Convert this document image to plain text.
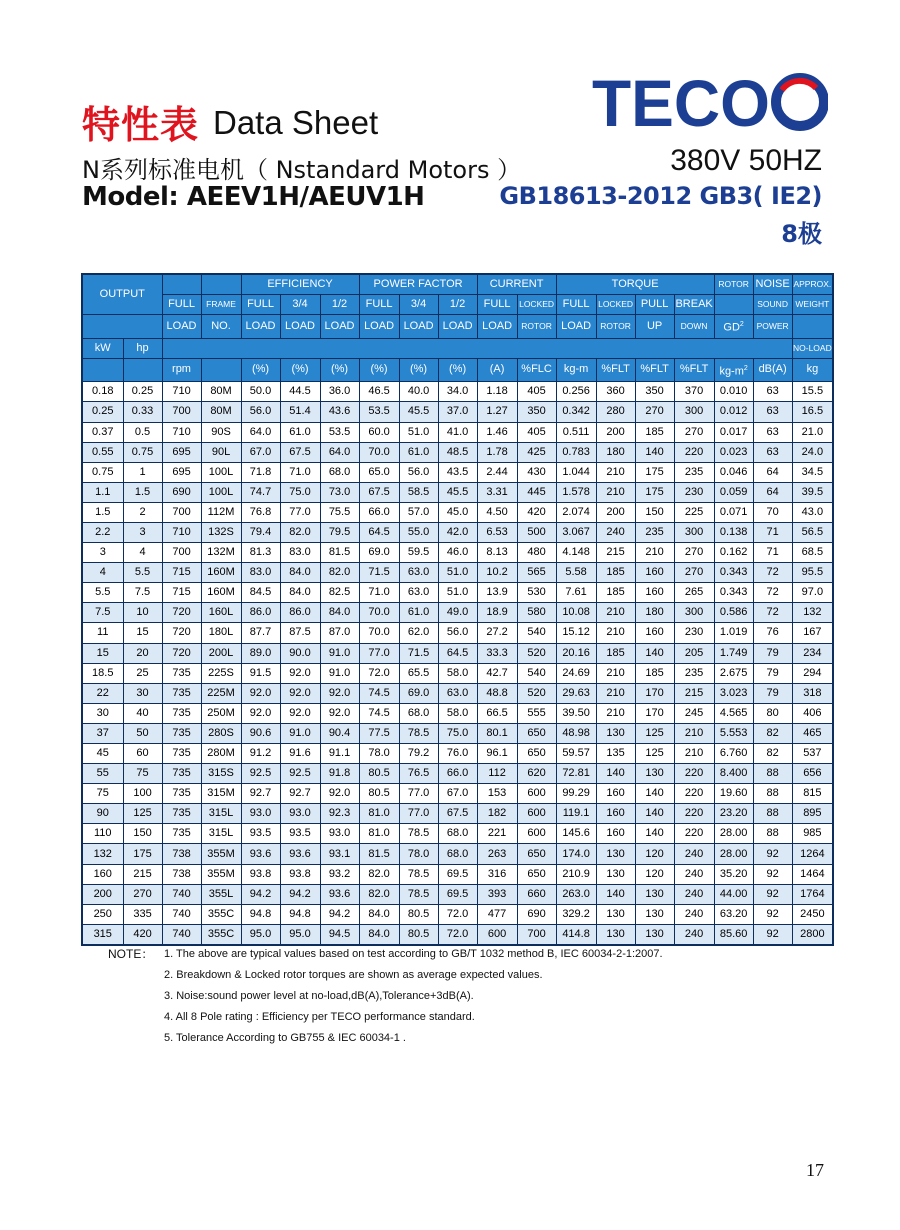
特性表 Data Sheet
N系列标准电机（ Nstandard Motors ）
Model: AEEV1H/AEUV1H
TECO
380V 50HZ
GB18613-2012 GB3( IE2)
8极
OUTPUT				EFFICIENCY			POWER FACTOR			CURRENT		TORQUE				ROTOR	NOISE	APPROX.
		FULL	FRAME	FULL	3/4	1/2	FULL	3/4	1/2	FULL	LOCKED	FULL	LOCKED	PULL	BREAK		SOUND	WEIGHT
		LOAD	NO.	LOAD	LOAD	LOAD	LOAD	LOAD	LOAD	LOAD	ROTOR	LOAD	ROTOR	UP	DOWN	$GD^2$	POWER	
kW	hp																	NO-LOAD
		rpm		(%)	(%)	(%)	(%)	(%)	(%)	(A)	%FLC	kg-m	%FLT	%FLT	%FLT	$kg-m^2$	dB(A)	kg
0.18	0.25	710	80M	50.0	44.5	36.0	46.5	40.0	34.0	1.18	405	0.256	360	350	370	0.010	63	15.5
0.25	0.33	700	80M	56.0	51.4	43.6	53.5	45.5	37.0	1.27	350	0.342	280	270	300	0.012	63	16.5
0.37	0.5	710	90S	64.0	61.0	53.5	60.0	51.0	41.0	1.46	405	0.511	200	185	270	0.017	63	21.0
0.55	0.75	695	90L	67.0	67.5	64.0	70.0	61.0	48.5	1.78	425	0.783	180	140	220	0.023	63	24.0
0.75	1	695	100L	71.8	71.0	68.0	65.0	56.0	43.5	2.44	430	1.044	210	175	235	0.046	64	34.5
1.1	1.5	690	100L	74.7	75.0	73.0	67.5	58.5	45.5	3.31	445	1.578	210	175	230	0.059	64	39.5
1.5	2	700	112M	76.8	77.0	75.5	66.0	57.0	45.0	4.50	420	2.074	200	150	225	0.071	70	43.0
2.2	3	710	132S	79.4	82.0	79.5	64.5	55.0	42.0	6.53	500	3.067	240	235	300	0.138	71	56.5
3	4	700	132M	81.3	83.0	81.5	69.0	59.5	46.0	8.13	480	4.148	215	210	270	0.162	71	68.5
4	5.5	715	160M	83.0	84.0	82.0	71.5	63.0	51.0	10.2	565	5.58	185	160	270	0.343	72	95.5
5.5	7.5	715	160M	84.5	84.0	82.5	71.0	63.0	51.0	13.9	530	7.61	185	160	265	0.343	72	97.0
7.5	10	720	160L	86.0	86.0	84.0	70.0	61.0	49.0	18.9	580	10.08	210	180	300	0.586	72	132
11	15	720	180L	87.7	87.5	87.0	70.0	62.0	56.0	27.2	540	15.12	210	160	230	1.019	76	167
15	20	720	200L	89.0	90.0	91.0	77.0	71.5	64.5	33.3	520	20.16	185	140	205	1.749	79	234
18.5	25	735	225S	91.5	92.0	91.0	72.0	65.5	58.0	42.7	540	24.69	210	185	235	2.675	79	294
22	30	735	225M	92.0	92.0	92.0	74.5	69.0	63.0	48.8	520	29.63	210	170	215	3.023	79	318
30	40	735	250M	92.0	92.0	92.0	74.5	68.0	58.0	66.5	555	39.50	210	170	245	4.565	80	406
37	50	735	280S	90.6	91.0	90.4	77.5	78.5	75.0	80.1	650	48.98	130	125	210	5.553	82	465
45	60	735	280M	91.2	91.6	91.1	78.0	79.2	76.0	96.1	650	59.57	135	125	210	6.760	82	537
55	75	735	315S	92.5	92.5	91.8	80.5	76.5	66.0	112	620	72.81	140	130	220	8.400	88	656
75	100	735	315M	92.7	92.7	92.0	80.5	77.0	67.0	153	600	99.29	160	140	220	19.60	88	815
90	125	735	315L	93.0	93.0	92.3	81.0	77.0	67.5	182	600	119.1	160	140	220	23.20	88	895
110	150	735	315L	93.5	93.5	93.0	81.0	78.5	68.0	221	600	145.6	160	140	220	28.00	88	985
132	175	738	355M	93.6	93.6	93.1	81.5	78.0	68.0	263	650	174.0	130	120	240	28.00	92	1264
160	215	738	355M	93.8	93.8	93.2	82.0	78.5	69.5	316	650	210.9	130	120	240	35.20	92	1464
200	270	740	355L	94.2	94.2	93.6	82.0	78.5	69.5	393	660	263.0	140	130	240	44.00	92	1764
250	335	740	355C	94.8	94.8	94.2	84.0	80.5	72.0	477	690	329.2	130	130	240	63.20	92	2450
315	420	740	355C	95.0	95.0	94.5	84.0	80.5	72.0	600	700	414.8	130	130	240	85.60	92	2800
NOTE： 1. The above are typical values based on test according to GB/T 1032 method B, IEC 60034-2-1:2007.
2. Breakdown & Locked rotor torques are shown as average expected values.
3. Noise:sound power level at no-load,dB(A),Tolerance+3dB(A).
4. All 8 Pole rating : Efficiency per TECO performance standard.
5. Tolerance According to GB755 & IEC 60034-1 .
17
